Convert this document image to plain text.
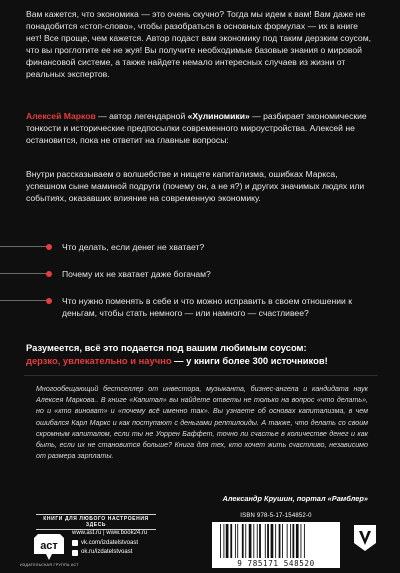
Вам кажется, что экономика — это очень скучно? Тогда мы идем к вам! Вам даже не понадобится «стоп-слово», чтобы разобраться в основных формулах — их в книге нет! Все проще, чем кажется. Автор подаст вам экономику под таким дерзким соусом, что вы проглотите ее не жуя! Вы получите необходимые базовые знания о мировой финансовой системе, а также найдете немало интересных случаев из жизни от реальных экспертов.

Алексей Марков — автор легендарной «Хулиномики» — разбирает экономические тонкости и исторические предпосылки современного мироустройства. Алексей не остановится, пока не ответит на главные вопросы:

Внутри рассказываем о волшебстве и нищете капитализма, ошибках Маркса, успешном сыне маминой подруги (почему он, а не я?) и других значимых людях или событиях, оказавших влияние на современную экономику.

Что делать, если денег не хватает?
Почему их не хватает даже богачам?
Что нужно поменять в себе и что можно исправить в своем отношении к деньгам, чтобы стать немного — или намного — счастливее?

Разумеется, всё это подается под вашим любимым соусом:
дерзко, увлекательно и научно — у книги более 300 источников!

Многообещающий бестселлер от инвестора, музыканта, бизнес-ангела и кандидата наук Алексея Маркова.. В книге «Капитал» вы найдете ответы не только на вопрос «что делать», но и «кто виноват» и «почему всё именно так». Вы узнаете об основах капитализма, в чем ошибался Карл Маркс и как поступают с деньгами рептилоиды. А также, что делать со своим скромным капиталом, если ты не Уоррен Баффет, точно ли счастье в количестве денег и как быть, если их не становится больше? Книга для тех, кто хочет жить счастливо, независимо от размера зарплаты.

Александр Крушин, портал «Рамблер»
КНИГИ ДЛЯ ЛЮБОГО НАСТРОЕНИЯ ЗДЕСЬ
аст
ИЗДАТЕЛЬСКАЯ ГРУППА АСТ
www.ast.ru | www.book24.ru
vk.com/izdatelstvoast
ok.ru/izdatelstvoast
ISBN 978-5-17-154852-0
9 785171 548520
